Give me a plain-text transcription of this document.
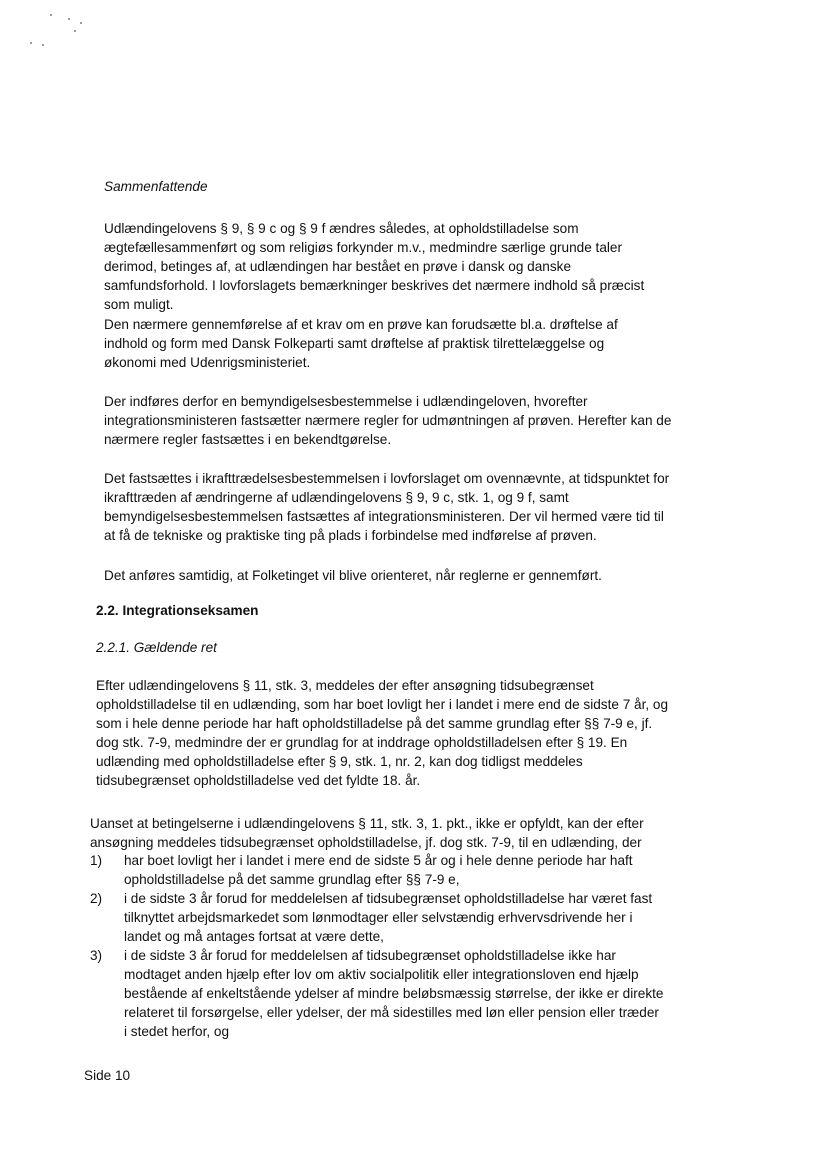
Sammenfattende

Udlændingelovens § 9, § 9 c og § 9 f ændres således, at opholdstilladelse som ægtefællesammenført og som religiøs forkynder m.v., medmindre særlige grunde taler derimod, betinges af, at udlændingen har bestået en prøve i dansk og danske samfundsforhold. I lovforslagets bemærkninger beskrives det nærmere indhold så præcist som muligt.

Den nærmere gennemførelse af et krav om en prøve kan forudsætte bl.a. drøftelse af indhold og form med Dansk Folkeparti samt drøftelse af praktisk tilrettelæggelse og økonomi med Udenrigsministeriet.

Der indføres derfor en bemyndigelsesbestemmelse i udlændingeloven, hvorefter integrationsministeren fastsætter nærmere regler for udmøntningen af prøven. Herefter kan de nærmere regler fastsættes i en bekendtgørelse.

Det fastsættes i ikrafttrædelsesbestemmelsen i lovforslaget om ovennævnte, at tidspunktet for ikrafttræden af ændringerne af udlændingelovens § 9, 9 c, stk. 1, og 9 f, samt bemyndigelsesbestemmelsen fastsættes af integrationsministeren. Der vil hermed være tid til at få de tekniske og praktiske ting på plads i forbindelse med indførelse af prøven.

Det anføres samtidig, at Folketinget vil blive orienteret, når reglerne er gennemført.

2.2. Integrationseksamen

2.2.1. Gældende ret

Efter udlændingelovens § 11, stk. 3, meddeles der efter ansøgning tidsubegrænset opholdstilladelse til en udlænding, som har boet lovligt her i landet i mere end de sidste 7 år, og som i hele denne periode har haft opholdstilladelse på det samme grundlag efter §§ 7-9 e, jf. dog stk. 7-9, medmindre der er grundlag for at inddrage opholdstilladelsen efter § 19. En udlænding med opholdstilladelse efter § 9, stk. 1, nr. 2, kan dog tidligst meddeles tidsubegrænset opholdstilladelse ved det fyldte 18. år.

Uanset at betingelserne i udlændingelovens § 11, stk. 3, 1. pkt., ikke er opfyldt, kan der efter ansøgning meddeles tidsubegrænset opholdstilladelse, jf. dog stk. 7-9, til en udlænding, der

1) har boet lovligt her i landet i mere end de sidste 5 år og i hele denne periode har haft opholdstilladelse på det samme grundlag efter §§ 7-9 e,
2) i de sidste 3 år forud for meddelelsen af tidsubegrænset opholdstilladelse har været fast tilknyttet arbejdsmarkedet som lønmodtager eller selvstændig erhvervsdrivende her i landet og må antages fortsat at være dette,
3) i de sidste 3 år forud for meddelelsen af tidsubegrænset opholdstilladelse ikke har modtaget anden hjælp efter lov om aktiv socialpolitik eller integrationsloven end hjælp bestående af enkeltstående ydelser af mindre beløbsmæssig størrelse, der ikke er direkte relateret til forsørgelse, eller ydelser, der må sidestilles med løn eller pension eller træder i stedet herfor, og
Side 10
